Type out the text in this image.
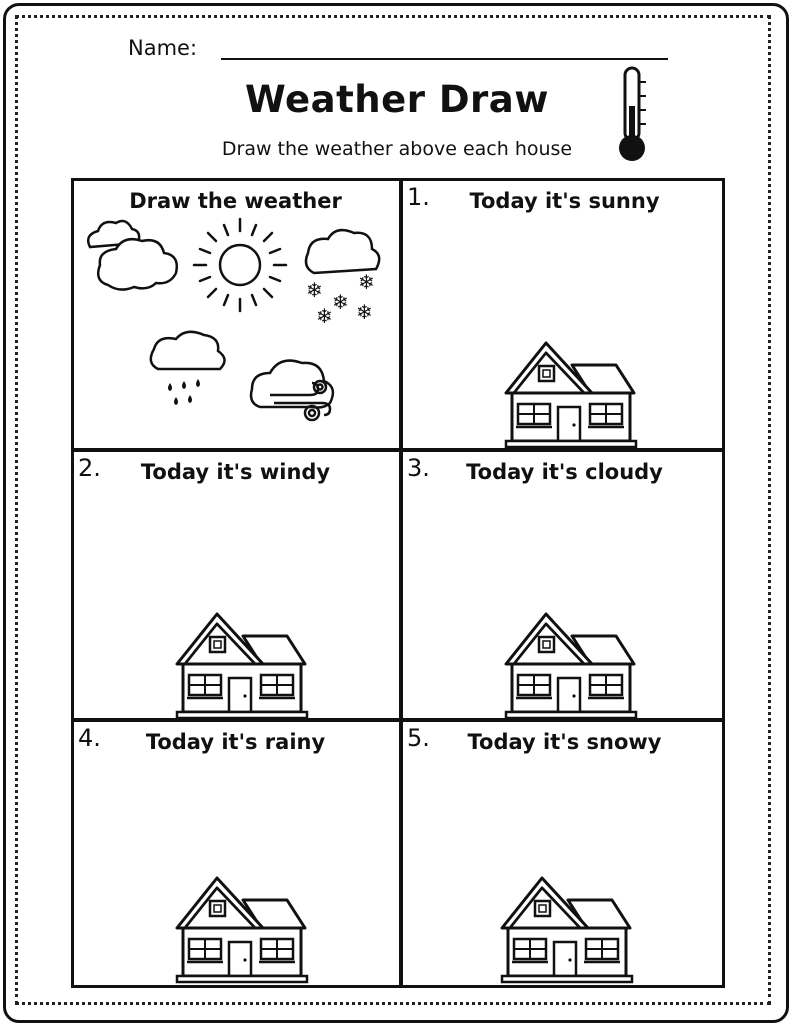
Name:
Weather Draw
Draw the weather above each house
Draw the weather
❄ ❄
❄
❄ ❄
1.	Today it's sunny
2.	Today it's windy	3.	Today it's cloudy
4.	Today it's rainy	5.	Today it's snowy
